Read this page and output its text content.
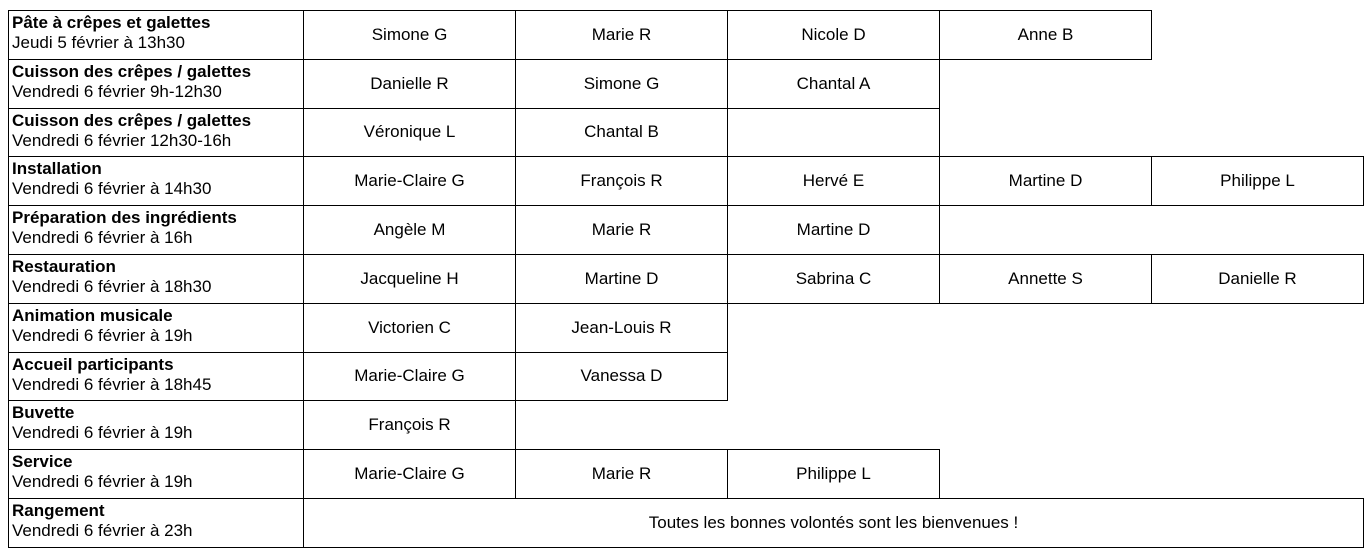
Pâte à crêpes et galettes
Jeudi 5 février à 13h30	Simone G	Marie R	Nicole D	Anne B
Cuisson des crêpes / galettes
Vendredi 6 février 9h-12h30	Danielle R	Simone G	Chantal A
Cuisson des crêpes / galettes
Vendredi 6 février 12h30-16h	Véronique L	Chantal B
Installation
Vendredi 6 février à 14h30	Marie-Claire G	François R	Hervé E	Martine D	Philippe L
Préparation des ingrédients
Vendredi 6 février à 16h	Angèle M	Marie R	Martine D
Restauration
Vendredi 6 février à 18h30	Jacqueline H	Martine D	Sabrina C	Annette S	Danielle R
Animation musicale
Vendredi 6 février à 19h	Victorien C	Jean-Louis R
Accueil participants
Vendredi 6 février à 18h45	Marie-Claire G	Vanessa D
Buvette
Vendredi 6 février à 19h	François R
Service
Vendredi 6 février à 19h	Marie-Claire G	Marie R	Philippe L
Rangement
Vendredi 6 février à 23h	Toutes les bonnes volontés sont les bienvenues !
